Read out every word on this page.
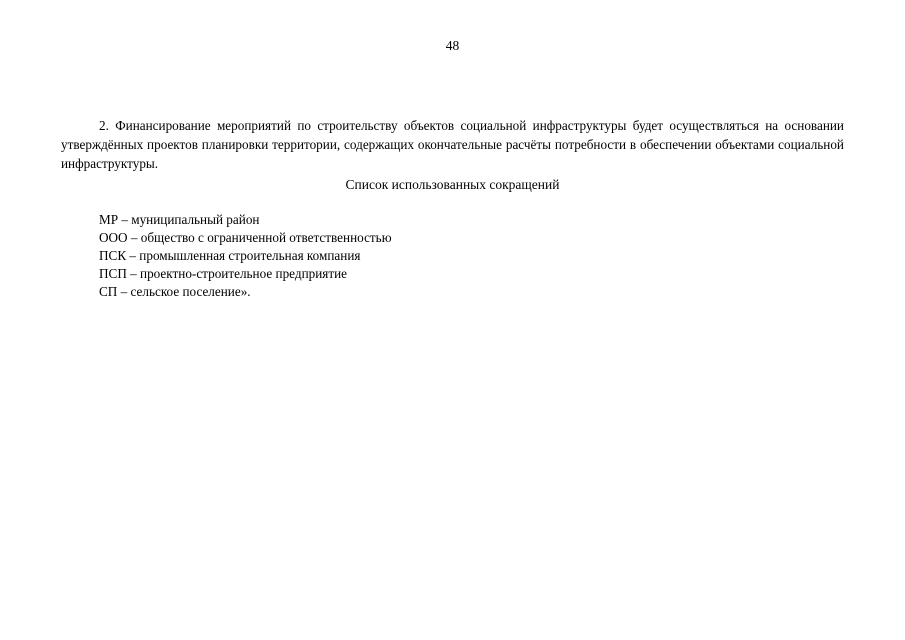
48

2. Финансирование мероприятий по строительству объектов социальной инфраструктуры будет осуществляться на основании утверждённых проектов планировки территории, содержащих окончательные расчёты потребности в обеспечении объектами социальной инфраструктуры.

Список использованных сокращений
МР – муниципальный район
ООО – общество с ограниченной ответственностью
ПСК – промышленная строительная компания
ПСП – проектно-строительное предприятие
СП – сельское поселение».
